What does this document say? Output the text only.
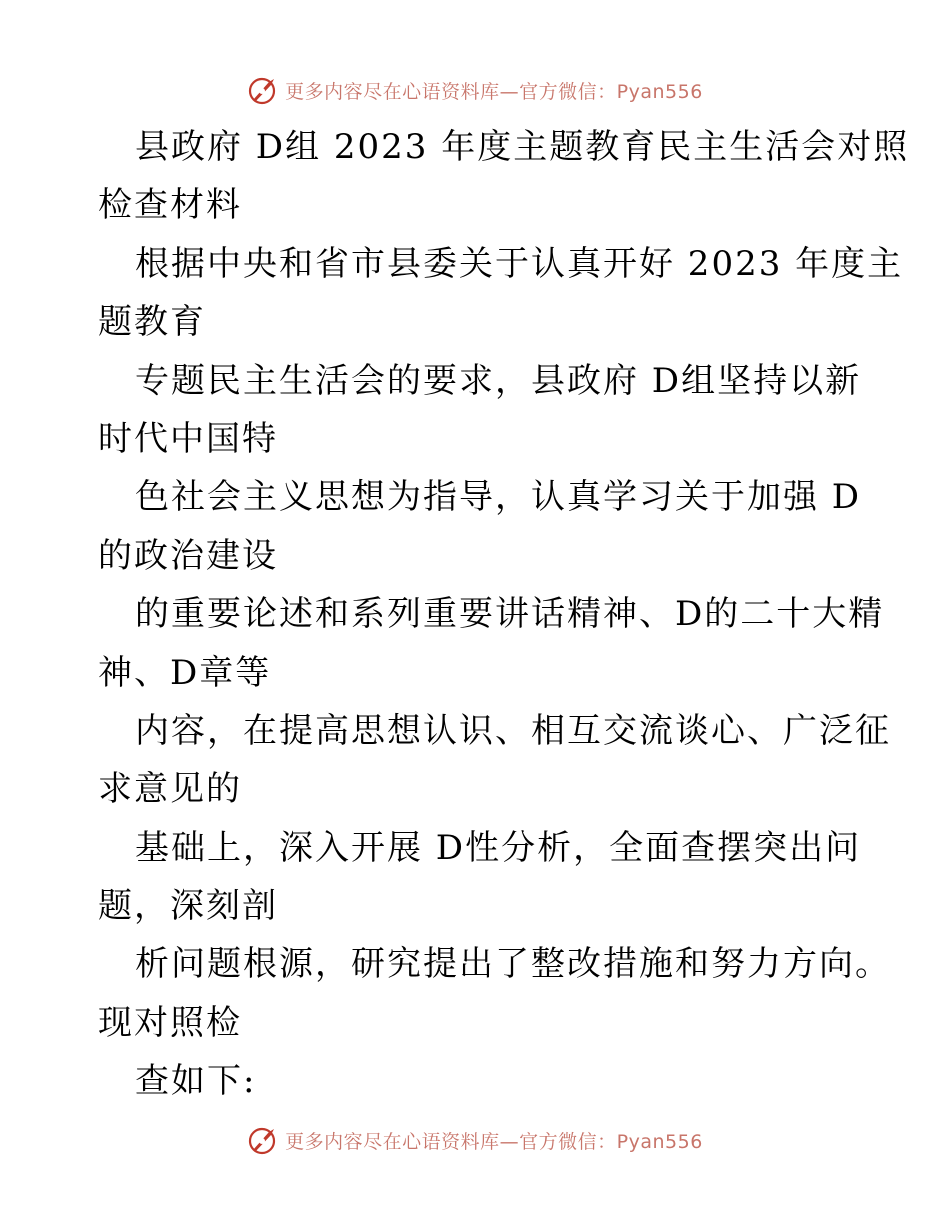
更多内容尽在心语资料库—官方微信：Pyan556
县政府 D组 2023 年度主题教育民主生活会对照
检查材料
根据中央和省市县委关于认真开好 2023 年度主
题教育
专题民主生活会的要求，县政府 D组坚持以新
时代中国特
色社会主义思想为指导，认真学习关于加强 D
的政治建设
的重要论述和系列重要讲话精神、D的二十大精
神、D章等
内容，在提高思想认识、相互交流谈心、广泛征
求意见的
基础上，深入开展 D性分析，全面查摆突出问
题，深刻剖
析问题根源，研究提出了整改措施和努力方向。
现对照检
查如下:
更多内容尽在心语资料库—官方微信：Pyan556
